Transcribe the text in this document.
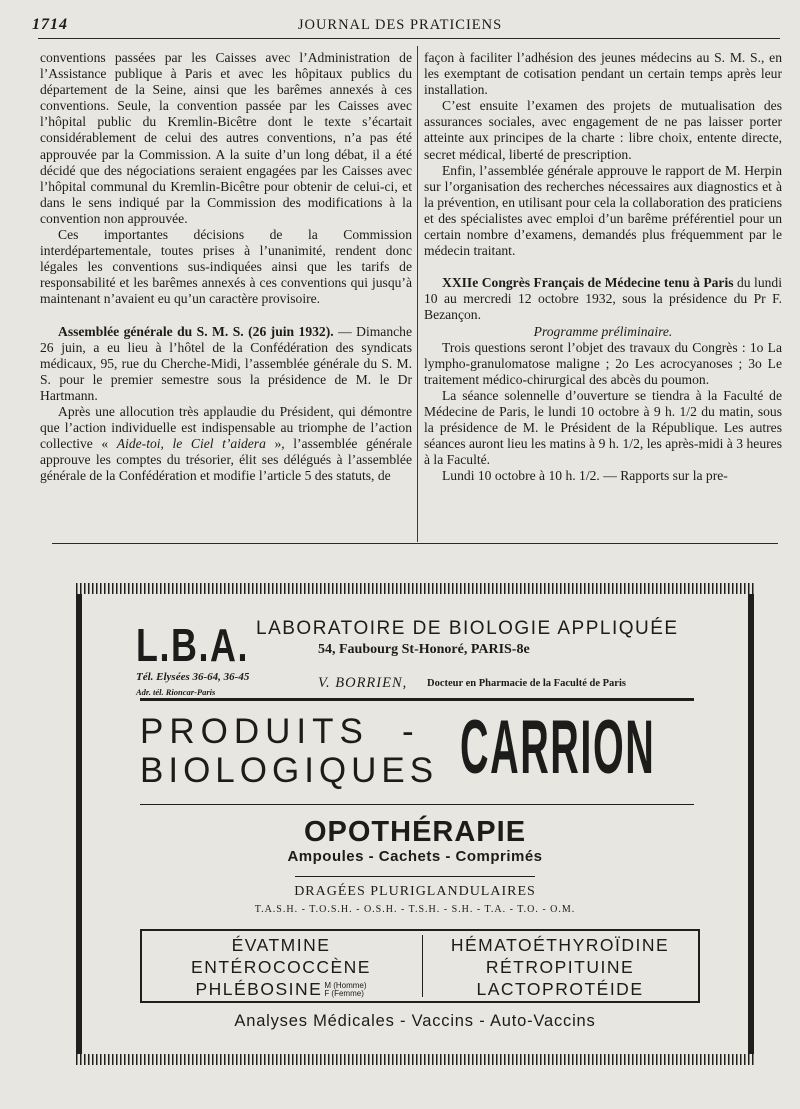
1714	JOURNAL DES PRATICIENS

conventions passées par les Caisses avec l’Administration de l’Assistance publique à Paris et avec les hôpitaux publics du département de la Seine, ainsi que les barêmes annexés à ces conventions. Seule, la convention passée par les Caisses avec l’hôpital public du Kremlin-Bicêtre dont le texte s’écartait considérablement de celui des autres conventions, n’a pas été approuvée par la Commission. A la suite d’un long débat, il a été décidé que des négociations seraient engagées par les Caisses avec l’hôpital communal du Kremlin-Bicêtre pour obtenir de celui-ci, et dans le sens indiqué par la Commission des modifications à la convention non approuvée.

Ces importantes décisions de la Commission interdépartementale, toutes prises à l’unanimité, rendent donc légales les conventions sus-indiquées ainsi que les tarifs de responsabilité et les barêmes annexés à ces conventions qui jusqu’à maintenant n’avaient eu qu’un caractère provisoire.

Assemblée générale du S. M. S. (26 juin 1932). — Dimanche 26 juin, a eu lieu à l’hôtel de la Confédération des syndicats médicaux, 95, rue du Cherche-Midi, l’assemblée générale du S. M. S. pour le premier semestre sous la présidence de M. le Dr Hartmann.

Après une allocution très applaudie du Président, qui démontre que l’action individuelle est indispensable au triomphe de l’action collective « Aide-toi, le Ciel t’aidera », l’assemblée générale approuve les comptes du trésorier, élit ses délégués à l’assemblée générale de la Confédération et modifie l’article 5 des statuts, de

façon à faciliter l’adhésion des jeunes médecins au S. M. S., en les exemptant de cotisation pendant un certain temps après leur installation.

C’est ensuite l’examen des projets de mutualisation des assurances sociales, avec engagement de ne pas laisser porter atteinte aux principes de la charte : libre choix, entente directe, secret médical, liberté de prescription.

Enfin, l’assemblée générale approuve le rapport de M. Herpin sur l’organisation des recherches nécessaires aux diagnostics et à la prévention, en utilisant pour cela la collaboration des praticiens et des spécialistes avec emploi d’un barême préférentiel pour un certain nombre d’examens, demandés plus fréquemment par le médecin traitant.

XXIIe Congrès Français de Médecine tenu à Paris du lundi 10 au mercredi 12 octobre 1932, sous la présidence du Pr F. Bezançon.

Programme préliminaire.

Trois questions seront l’objet des travaux du Congrès : 1o La lympho-granulomatose maligne ; 2o Les acrocyanoses ; 3o Le traitement médico-chirurgical des abcès du poumon.

La séance solennelle d’ouverture se tiendra à la Faculté de Médecine de Paris, le lundi 10 octobre à 9 h. 1/2 du matin, sous la présidence de M. le Président de la République. Les autres séances auront lieu les matins à 9 h. 1/2, les après-midi à 3 heures à la Faculté.

Lundi 10 octobre à 10 h. 1/2. — Rapports sur la pre-

L.B.A.
Tél. Elysées 36-64, 36-45
Adr. tél. Rioncar-Paris
LABORATOIRE DE BIOLOGIE APPLIQUÉE
54, Faubourg St-Honoré, PARIS-8e
V. BORRIEN, Docteur en Pharmacie de la Faculté de Paris
PRODUITS -
BIOLOGIQUES CARRION
OPOTHÉRAPIE
Ampoules - Cachets - Comprimés
DRAGÉES PLURIGLANDULAIRES
T.A.S.H. - T.O.S.H. - O.S.H. - T.S.H. - S.H. - T.A. - T.O. - O.M.
ÉVATMINE
ENTÉROCOCCÈNE
PHLÉBOSINE M (Homme)
F (Femme)
HÉMATOÉTHYROÏDINE
RÉTROPITUINE
LACTOPROTÉIDE
Analyses Médicales - Vaccins - Auto-Vaccins
